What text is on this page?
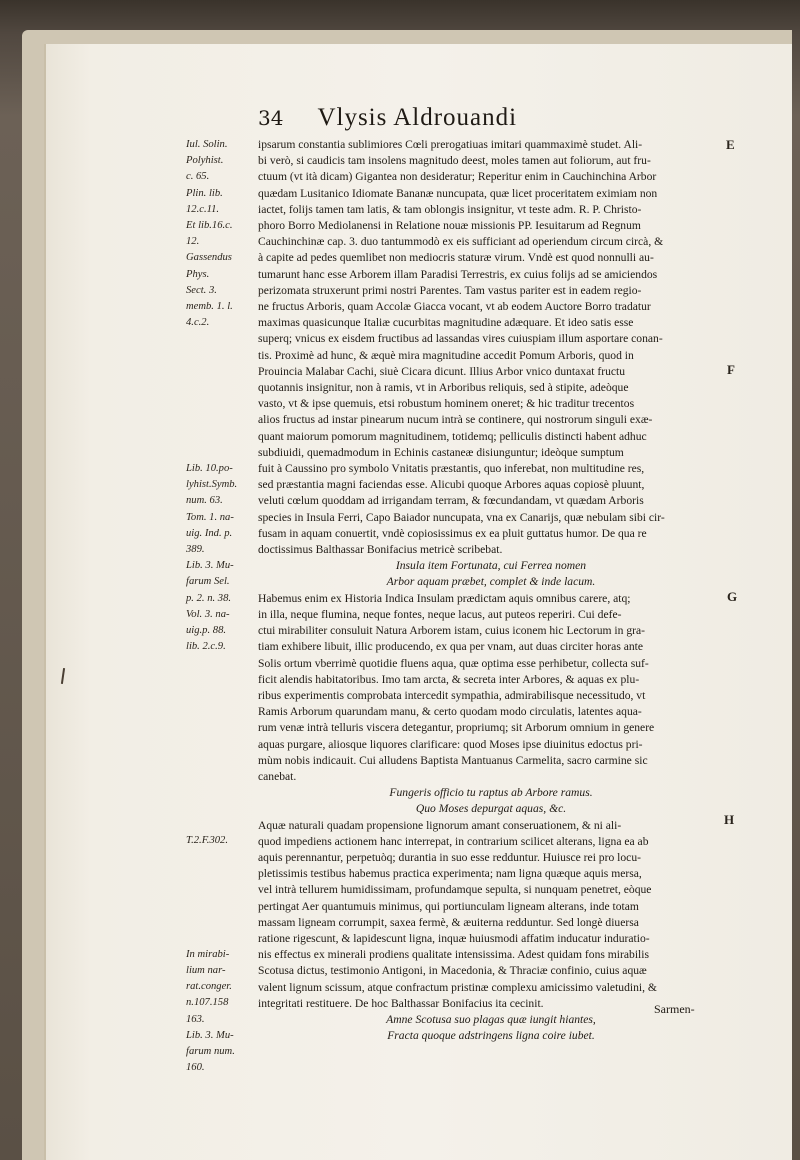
34 Vlysis Aldrouandi
Iul. Solin.
Polyhist.
c. 65.
Plin. lib.
12.c.11.
Et lib.16.c.
12.
Gassendus
Phys.
Sect. 3.
memb. 1. l.
4.c.2.
Lib. 10.po-
lyhist.Symb.
num. 63.
Tom. 1. na-
uig. Ind. p.
389.
Lib. 3. Mu-
farum Sel.
p. 2. n. 38.
Vol. 3. na-
uig.p. 88.
lib. 2.c.9.
T.2.F.302.
In mirabi-
lium nar-
rat.conger.
n.107.158
163.
Lib. 3. Mu-
farum num.
160.
ipsarum constantia sublimiores Cœli prerogatiuas imitari quammaximè studet. Ali-
bi verò, si caudicis tam insolens magnitudo deest, moles tamen aut foliorum, aut fru-
ctuum (vt ità dicam) Gigantea non desideratur; Reperitur enim in Cauchinchina Arbor
quædam Lusitanico Idiomate Bananæ nuncupata, quæ licet proceritatem eximiam non
iactet, folijs tamen tam latis, & tam oblongis insignitur, vt teste adm. R. P. Christo-
phoro Borro Mediolanensi in Relatione nouæ missionis PP. Iesuitarum ad Regnum
Cauchinchinæ cap. 3. duo tantummodò ex eis sufficiant ad operiendum circum circà, &
à capite ad pedes quemlibet non mediocris staturæ virum. Vndè est quod nonnulli au-
tumarunt hanc esse Arborem illam Paradisi Terrestris, ex cuius folijs ad se amiciendos
perizomata struxerunt primi nostri Parentes. Tam vastus pariter est in eadem regio-
ne fructus Arboris, quam Accolæ Giacca vocant, vt ab eodem Auctore Borro tradatur
maximas quasicunque Italiæ cucurbitas magnitudine adæquare. Et ideo satis esse
superq; vnicus ex eisdem fructibus ad lassandas vires cuiuspiam illum asportare conan-
tis. Proximè ad hunc, & æquè mira magnitudine accedit Pomum Arboris, quod in
Prouincia Malabar Cachi, siuè Cicara dicunt. Illius Arbor vnico duntaxat fructu
quotannis insignitur, non à ramis, vt in Arboribus reliquis, sed à stipite, adeòque
vasto, vt & ipse quemuis, etsi robustum hominem oneret; & hic traditur trecentos
alios fructus ad instar pinearum nucum intrà se continere, qui nostrorum singuli exæ-
quant maiorum pomorum magnitudinem, totidemq; pelliculis distincti habent adhuc
subdiuidi, quemadmodum in Echinis castaneæ disiunguntur; ideòque sumptum
fuit à Caussino pro symbolo Vnitatis præstantis, quo inferebat, non multitudine res,
sed præstantia magni faciendas esse. Alicubi quoque Arbores aquas copiosè pluunt,
veluti cœlum quoddam ad irrigandam terram, & fœcundandam, vt quædam Arboris
species in Insula Ferri, Capo Baiador nuncupata, vna ex Canarijs, quæ nebulam sibi cir-
fusam in aquam conuertit, vndè copiosissimus ex ea pluit guttatus humor. De qua re
doctissimus Balthassar Bonifacius metricè scribebat.
Insula item Fortunata, cui Ferrea nomen
Arbor aquam præbet, complet & inde lacum.
Habemus enim ex Historia Indica Insulam prædictam aquis omnibus carere, atq;
in illa, neque flumina, neque fontes, neque lacus, aut puteos reperiri. Cui defe-
ctui mirabiliter consuluit Natura Arborem istam, cuius iconem hic Lectorum in gra-
tiam exhibere libuit, illic producendo, ex qua per vnam, aut duas circiter horas ante
Solis ortum vberrimè quotidie fluens aqua, quæ optima esse perhibetur, collecta suf-
ficit alendis habitatoribus. Imo tam arcta, & secreta inter Arbores, & aquas ex plu-
ribus experimentis comprobata intercedit sympathia, admirabilisque necessitudo, vt
Ramis Arborum quarundam manu, & certo quodam modo circulatis, latentes aqua-
rum venæ intrà telluris viscera detegantur, propriumq; sit Arborum omnium in genere
aquas purgare, aliosque liquores clarificare: quod Moses ipse diuinitus edoctus pri-
mùm nobis indicauit. Cui alludens Baptista Mantuanus Carmelita, sacro carmine sic
canebat.
Fungeris officio tu raptus ab Arbore ramus.
Quo Moses depurgat aquas, &c.
Aquæ naturali quadam propensione lignorum amant conseruationem, & ni ali-
quod impediens actionem hanc interrepat, in contrarium scilicet alterans, ligna ea ab
aquis perennantur, perpetuòq; durantia in suo esse redduntur. Huiusce rei pro locu-
pletissimis testibus habemus practica experimenta; nam ligna quæque aquis mersa,
vel intrà tellurem humidissimam, profundamque sepulta, si nunquam penetret, eòque
pertingat Aer quantumuis minimus, qui portiunculam ligneam alterans, inde totam
massam ligneam corrumpit, saxea fermè, & æuiterna redduntur. Sed longè diuersa
ratione rigescunt, & lapidescunt ligna, inquæ huiusmodi affatim inducatur induratio-
nis effectus ex minerali prodiens qualitate intensissima. Adest quidam fons mirabilis
Scotusa dictus, testimonio Antigoni, in Macedonia, & Thraciæ confinio, cuius aquæ
valent lignum scissum, atque confractum pristinæ complexu amicissimo valetudini, &
integritati restituere. De hoc Balthassar Bonifacius ita cecinit.
Amne Scotusa suo plagas quæ iungit hiantes,
Fracta quoque adstringens ligna coire iubet.
E
F
G
H
Sarmen-
